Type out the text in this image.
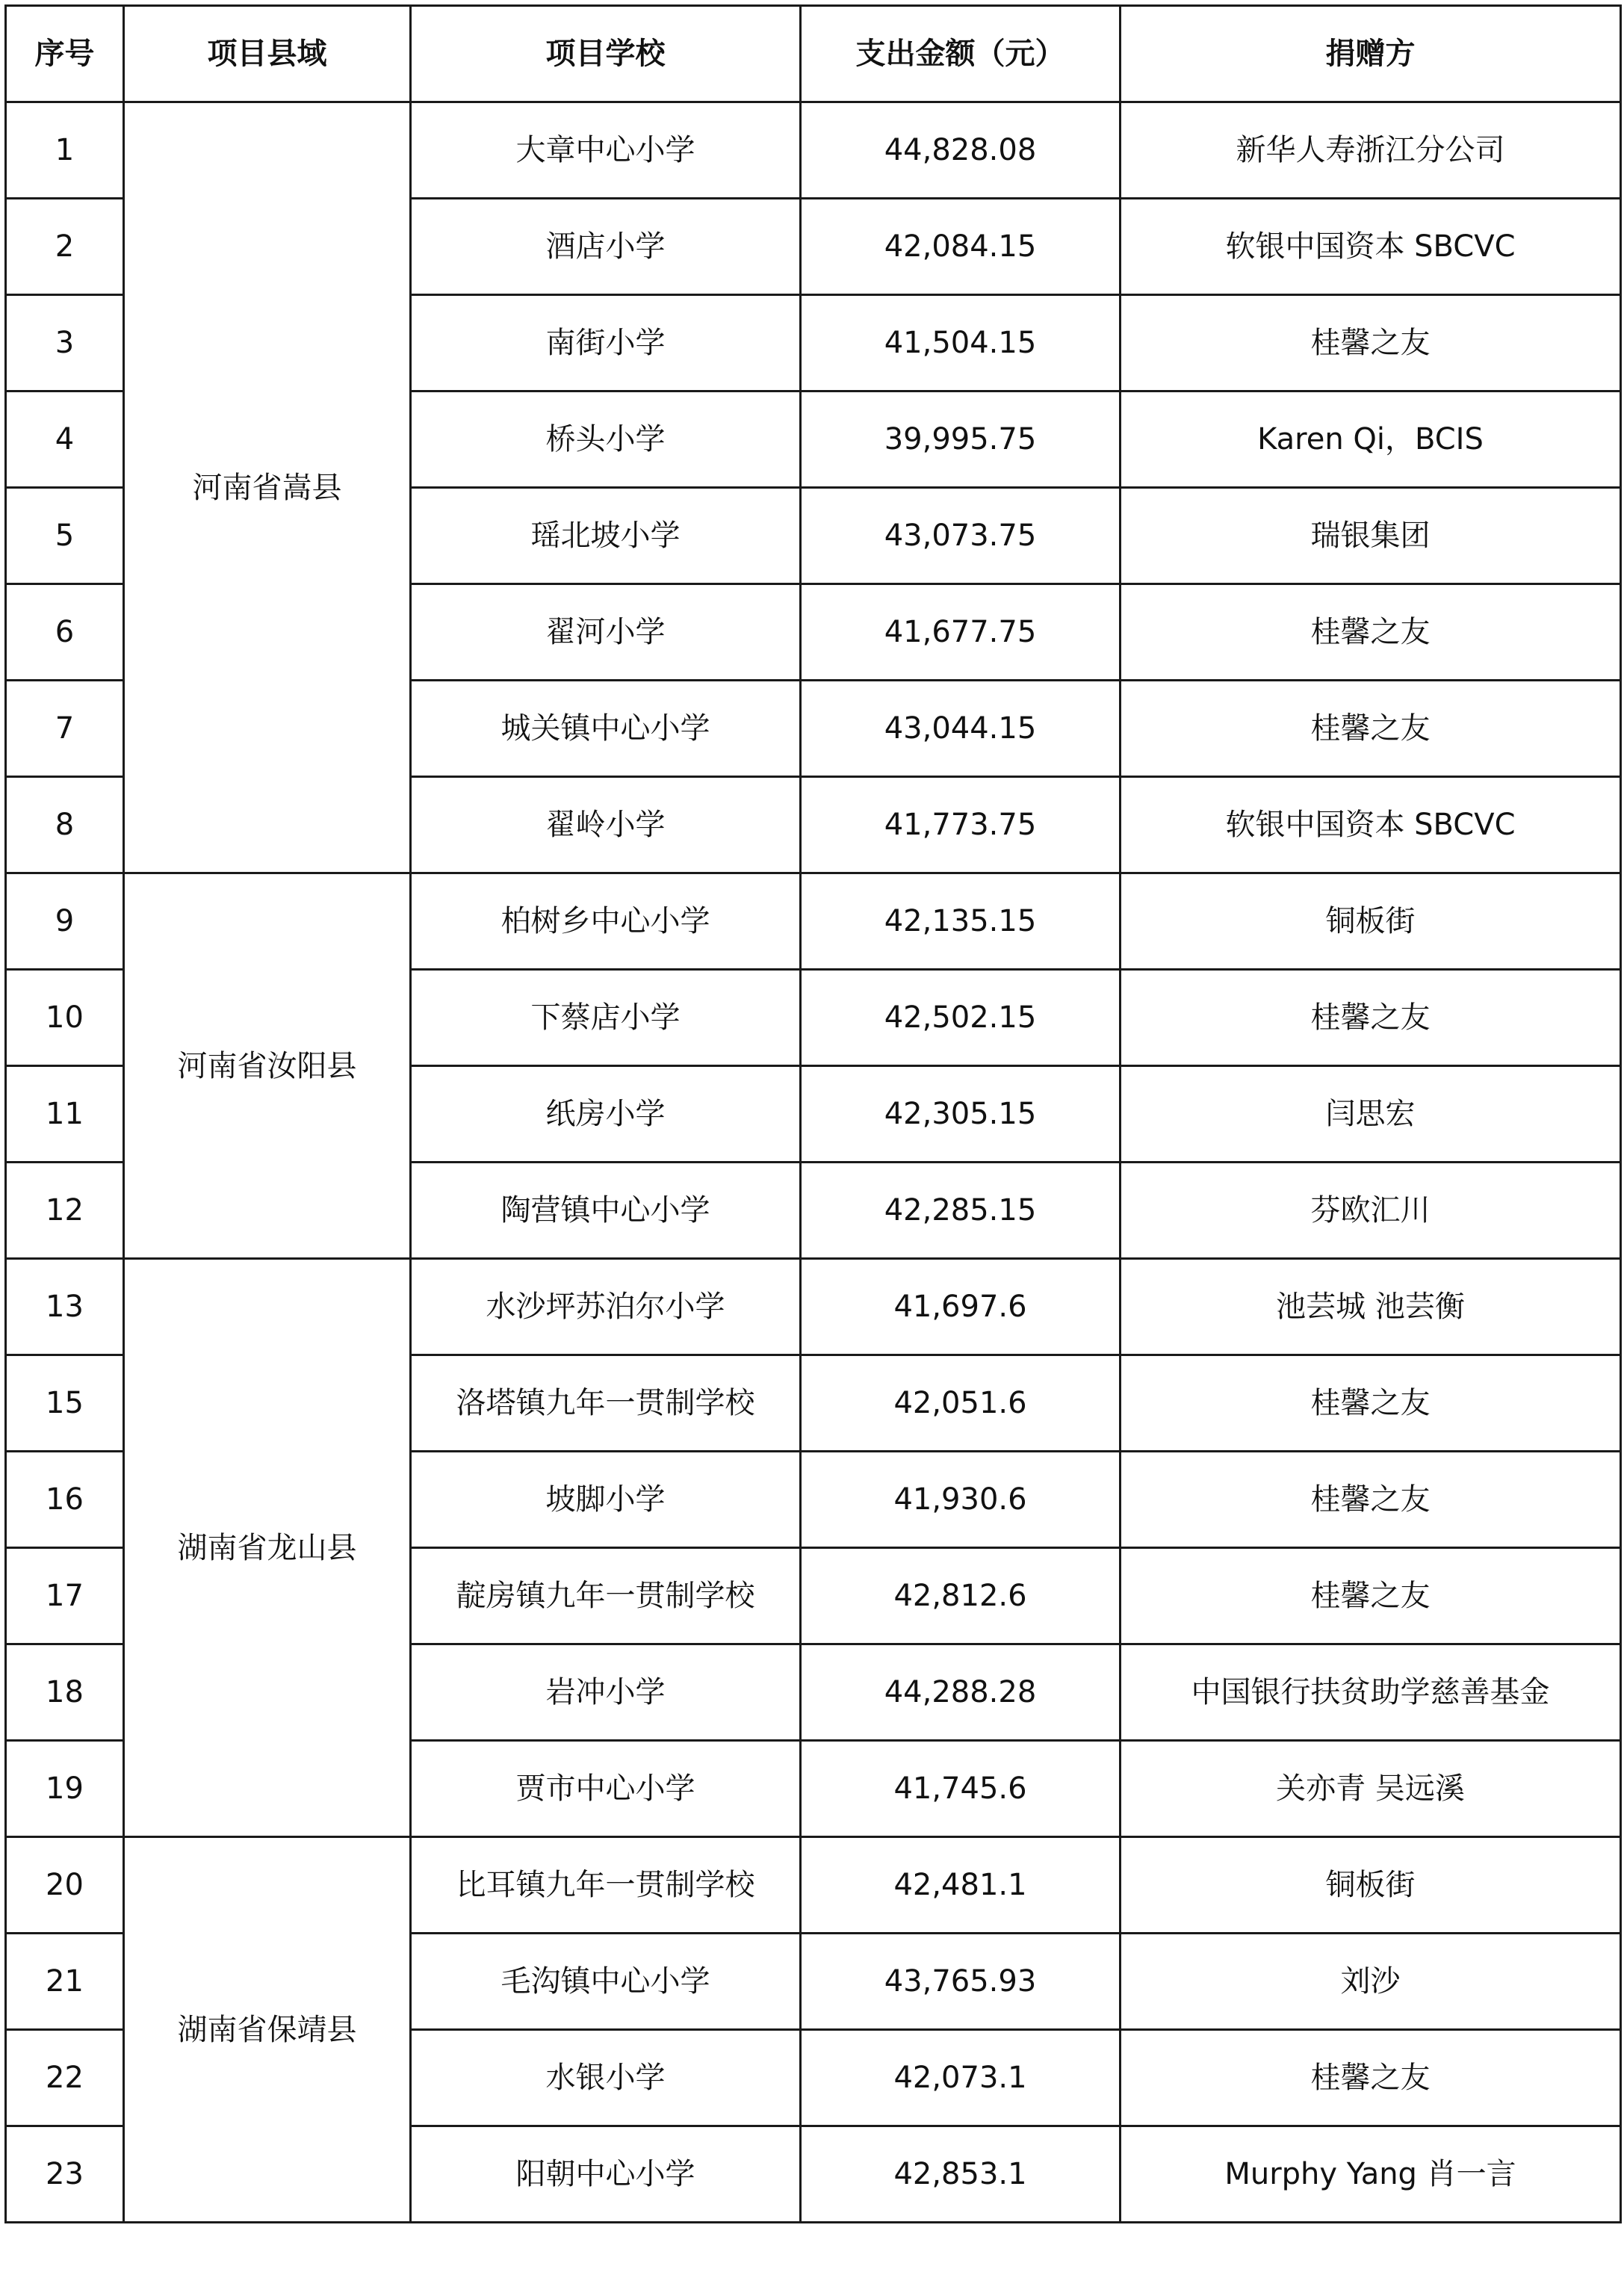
序号	项目县域	项目学校	支出金额（元）	捐赠方
1	河南省嵩县	大章中心小学	44,828.08	新华人寿浙江分公司
2		酒店小学	42,084.15	软银中国资本 SBCVC
3		南街小学	41,504.15	桂馨之友
4		桥头小学	39,995.75	Karen Qi，BCIS
5		瑶北坡小学	43,073.75	瑞银集团
6		翟河小学	41,677.75	桂馨之友
7		城关镇中心小学	43,044.15	桂馨之友
8		翟岭小学	41,773.75	软银中国资本 SBCVC
9	河南省汝阳县	柏树乡中心小学	42,135.15	铜板街
10		下蔡店小学	42,502.15	桂馨之友
11		纸房小学	42,305.15	闫思宏
12		陶营镇中心小学	42,285.15	芬欧汇川
13	湖南省龙山县	水沙坪苏泊尔小学	41,697.6	池芸城 池芸衡
15		洛塔镇九年一贯制学校	42,051.6	桂馨之友
16		坡脚小学	41,930.6	桂馨之友
17		靛房镇九年一贯制学校	42,812.6	桂馨之友
18		岩冲小学	44,288.28	中国银行扶贫助学慈善基金
19		贾市中心小学	41,745.6	关亦青 吴远溪
20	湖南省保靖县	比耳镇九年一贯制学校	42,481.1	铜板街
21		毛沟镇中心小学	43,765.93	刘沙
22		水银小学	42,073.1	桂馨之友
23		阳朝中心小学	42,853.1	Murphy Yang 肖一言
